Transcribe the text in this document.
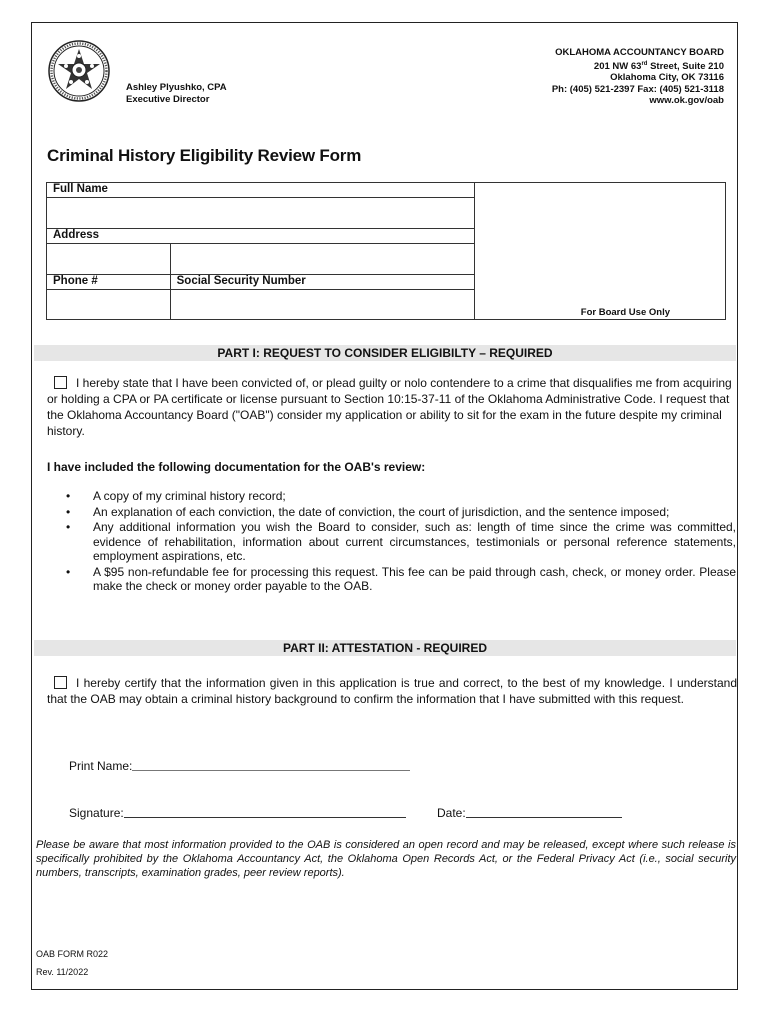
Ashley Plyushko, CPA
Executive Director
OKLAHOMA ACCOUNTANCY BOARD
201 NW 63rd Street, Suite 210
Oklahoma City, OK 73116
Ph: (405) 521-2397 Fax: (405) 521-3118
www.ok.gov/oab
Criminal History Eligibility Review Form
Full Name		For Board Use Only

Address		

Phone #	Social Security Number	

PART I: REQUEST TO CONSIDER ELIGIBILTY – REQUIRED
I hereby state that I have been convicted of, or plead guilty or nolo contendere to a crime that disqualifies me from acquiring or holding a CPA or PA certificate or license pursuant to Section 10:15-37-11 of the Oklahoma Administrative Code. I request that the Oklahoma Accountancy Board ("OAB") consider my application or ability to sit for the exam in the future despite my criminal history.
I have included the following documentation for the OAB's review:
• A copy of my criminal history record;
• An explanation of each conviction, the date of conviction, the court of jurisdiction, and the sentence imposed;
• Any additional information you wish the Board to consider, such as: length of time since the crime was committed, evidence of rehabilitation, information about current circumstances, testimonials or personal reference statements, employment aspirations, etc.
• A $95 non-refundable fee for processing this request. This fee can be paid through cash, check, or money order. Please make the check or money order payable to the OAB.
PART II: ATTESTATION - REQUIRED
I hereby certify that the information given in this application is true and correct, to the best of my knowledge. I understand that the OAB may obtain a criminal history background to confirm the information that I have submitted with this request.
Print Name:
Signature:	Date:
Please be aware that most information provided to the OAB is considered an open record and may be released, except where such release is specifically prohibited by the Oklahoma Accountancy Act, the Oklahoma Open Records Act, or the Federal Privacy Act (i.e., social security numbers, transcripts, examination grades, peer review reports).
OAB FORM R022
Rev. 11/2022
